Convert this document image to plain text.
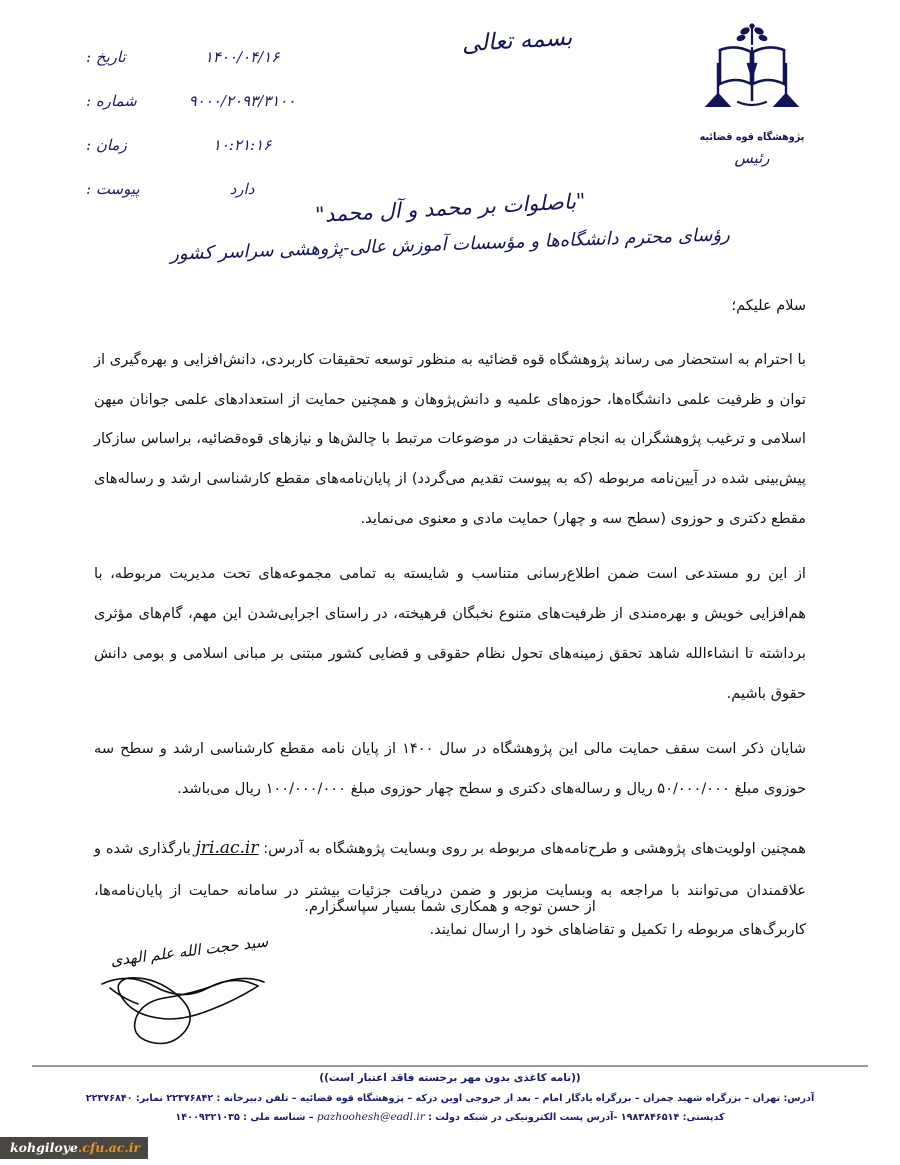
پژوهشگاه قوه قضائیه
رئیس
بسمه تعالی
تاریخ :	۱۴۰۰/۰۴/۱۶
شماره :	۹۰۰۰/۲۰۹۳/۳۱۰۰
زمان :	۱۰:۲۱:۱۶
پیوست :	دارد	"باصلوات بر محمد و آل محمد"
رؤسای محترم دانشگاه‌ها و مؤسسات آموزش عالی-پژوهشی سراسر کشور
سلام علیکم؛

با احترام به استحضار می رساند پژوهشگاه قوه قضائیه به منظور توسعه تحقیقات کاربردی، دانش‌افزایی و بهره‌گیری از توان و ظرفیت علمی دانشگاه‌ها، حوزه‌های علمیه و دانش‌پژوهان و همچنین حمایت از استعدادهای علمی جوانان میهن اسلامی و ترغیب پژوهشگران به انجام تحقیقات در موضوعات مرتبط با چالش‌ها و نیازهای قوه‌قضائیه، براساس سازکار پیش‌بینی شده در آیین‌نامه مربوطه (که به پیوست تقدیم می‌گردد) از پایان‌نامه‌های مقطع کارشناسی ارشد و رساله‌های مقطع دکتری و حوزوی (سطح سه و چهار) حمایت مادی و معنوی می‌نماید.

از این رو مستدعی است ضمن اطلاع‌رسانی متناسب و شایسته به تمامی مجموعه‌های تحت مدیریت مربوطه، با هم‌افزایی خویش و بهره‌مندی از ظرفیت‌های متنوع نخبگان فرهیخته، در راستای اجرایی‌شدن این مهم، گام‌های مؤثری برداشته تا انشاءالله شاهد تحقق زمینه‌های تحول نظام حقوقی و قضایی کشور مبتنی بر مبانی اسلامی و بومی دانش حقوق باشیم.

شایان ذکر است سقف حمایت مالی این پژوهشگاه در سال ۱۴۰۰ از پایان نامه مقطع کارشناسی ارشد و سطح سه حوزوی مبلغ ۵۰/۰۰۰/۰۰۰ ریال و رساله‌های دکتری و سطح چهار حوزوی مبلغ ۱۰۰/۰۰۰/۰۰۰ ریال می‌باشد.

همچنین اولویت‌های پژوهشی و طرح‌نامه‌های مربوطه بر روی وبسایت پژوهشگاه به آدرس: jri.ac.ir بارگذاری شده و علاقمندان می‌توانند با مراجعه به وبسایت مزبور و ضمن دریافت جزئیات بیشتر در سامانه حمایت از پایان‌نامه‌ها، کاربرگ‌های مربوطه را تکمیل و تقاضاهای خود را ارسال نمایند.

از حسن توجه و همکاری شما بسیار سپاسگزارم.
سید حجت الله علم الهدی
((نامه کاغذی بدون مهر برجسته فاقد اعتبار است))
آدرس: تهران – بزرگراه شهید چمران – بزرگراه یادگار امام – بعد از خروجی اوین درکه – پژوهشگاه قوه قضائیه – تلفن دبیرخانه : ۲۲۳۷۶۸۴۲ نمابر: ۲۲۳۷۶۸۴۰
کدپستی: ۱۹۸۳۸۴۶۵۱۴ -آدرس پست الکترونیکی در شبکه دولت : pazhoohesh@eadl.ir – شناسه ملی : ۱۴۰۰۹۳۲۱۰۳۵
kohgiloye.cfu.ac.ir
